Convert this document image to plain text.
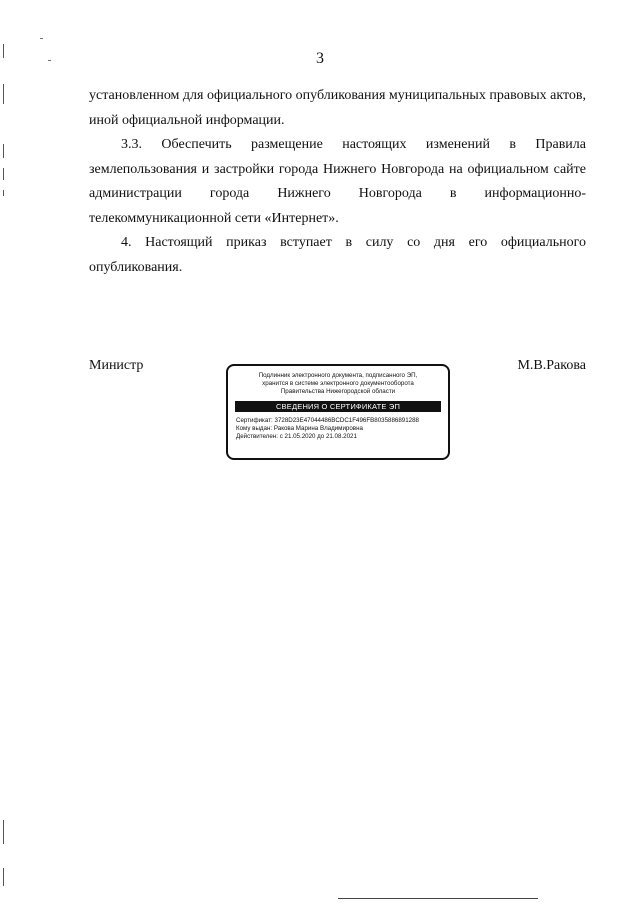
3

установленном для официального опубликования муниципальных правовых актов, иной официальной информации.

3.3. Обеспечить размещение настоящих изменений в Правила землепользования и застройки города Нижнего Новгорода на официальном сайте администрации города Нижнего Новгорода в информационно-телекоммуникационной сети «Интернет».

4. Настоящий приказ вступает в силу со дня его официального опубликования.

Министр	М.В.Ракова
Подлинник электронного документа, подписанного ЭП,
хранится в системе электронного документооборота
Правительства Нижегородской области
СВЕДЕНИЯ О СЕРТИФИКАТЕ ЭП
Сертификат: 3728D23E47044486BCDC1F496FB8035886891288
Кому выдан: Ракова Марина Владимировна
Действителен: с 21.05.2020 до 21.08.2021
